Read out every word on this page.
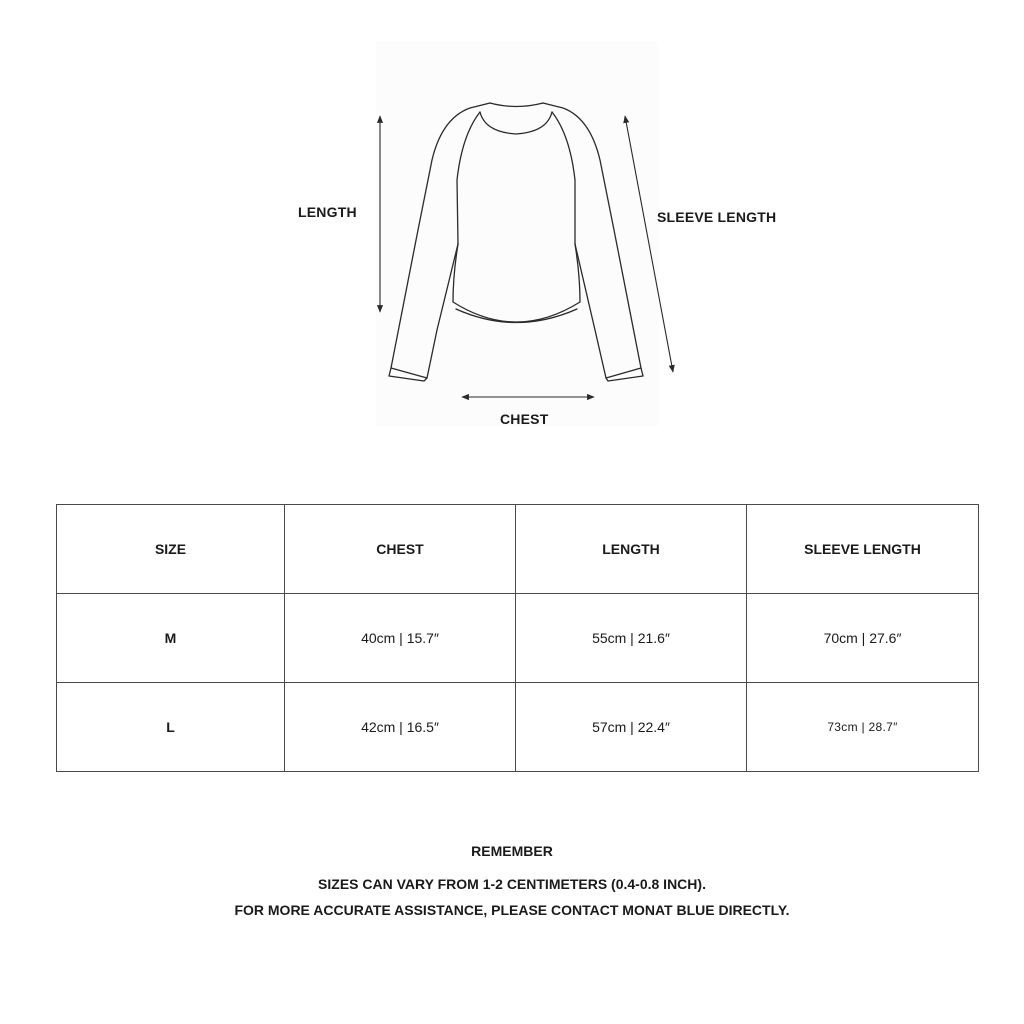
LENGTH	SLEEVE LENGTH
CHEST
SIZE	CHEST	LENGTH	SLEEVE LENGTH
M	40cm | 15.7″	55cm | 21.6″	70cm | 27.6″
L	42cm | 16.5″	57cm | 22.4″	73cm | 28.7″
REMEMBER
SIZES CAN VARY FROM 1-2 CENTIMETERS (0.4-0.8 INCH).
FOR MORE ACCURATE ASSISTANCE, PLEASE CONTACT MONAT BLUE DIRECTLY.
